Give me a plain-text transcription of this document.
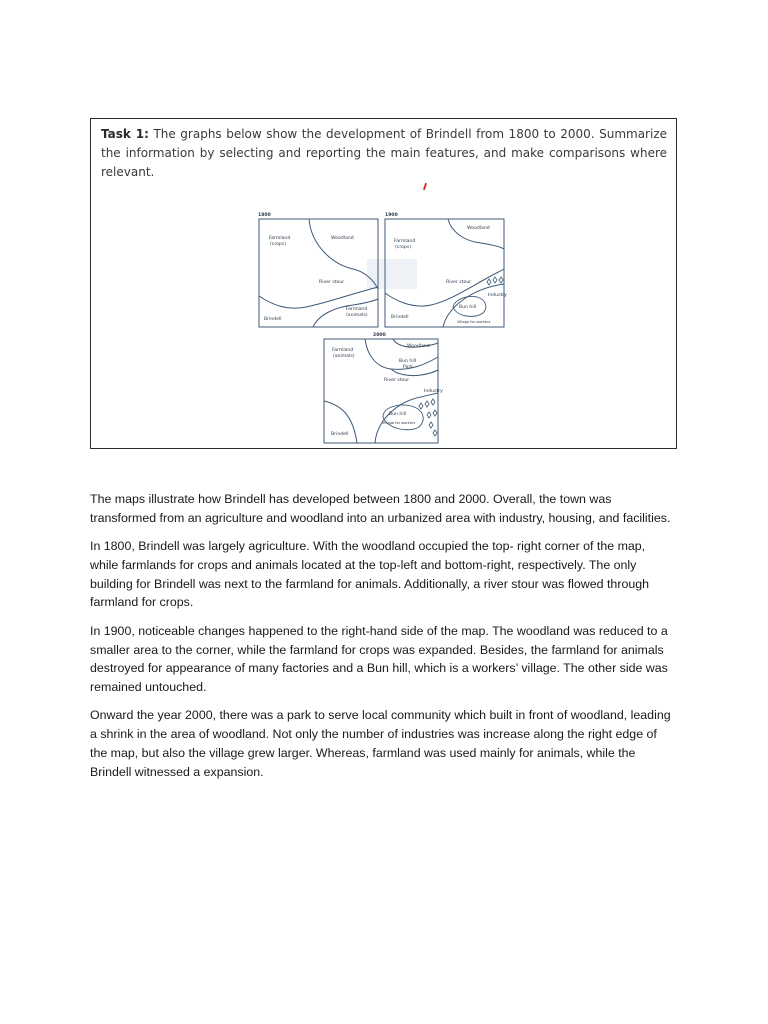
Task 1: The graphs below show the development of Brindell from 1800 to 2000. Summarize the information by selecting and reporting the main features, and make comparisons where relevant.

1800
Farmland
(crops)
Woodland
River stour
Farmland
(animals)
Brindell
1900
Woodland
Farmland
(crops)
River stour
Industry
Bun hill
Village for workers
Brindell
2000
Farmland
(animals)
Woodland
Bun hill
Park
River stour
Industry
Bun hill
Village for workers
Brindell

The maps illustrate how Brindell has developed between 1800 and 2000. Overall, the town was transformed from an agriculture and woodland into an urbanized area with industry, housing, and facilities.

In 1800, Brindell was largely agriculture. With the woodland occupied the top- right corner of the map, while farmlands for crops and animals located at the top-left and bottom-right, respectively. The only building for Brindell was next to the farmland for animals. Additionally, a river stour was flowed through farmland for crops.

In 1900, noticeable changes happened to the right-hand side of the map. The woodland was reduced to a smaller area to the corner, while the farmland for crops was expanded. Besides, the farmland for animals destroyed for appearance of many factories and a Bun hill, which is a workers’ village. The other side was remained untouched.

Onward the year 2000, there was a park to serve local community which built in front of woodland, leading a shrink in the area of woodland. Not only the number of industries was increase along the right edge of the map, but also the village grew larger. Whereas, farmland was used mainly for animals, while the Brindell witnessed a expansion.
